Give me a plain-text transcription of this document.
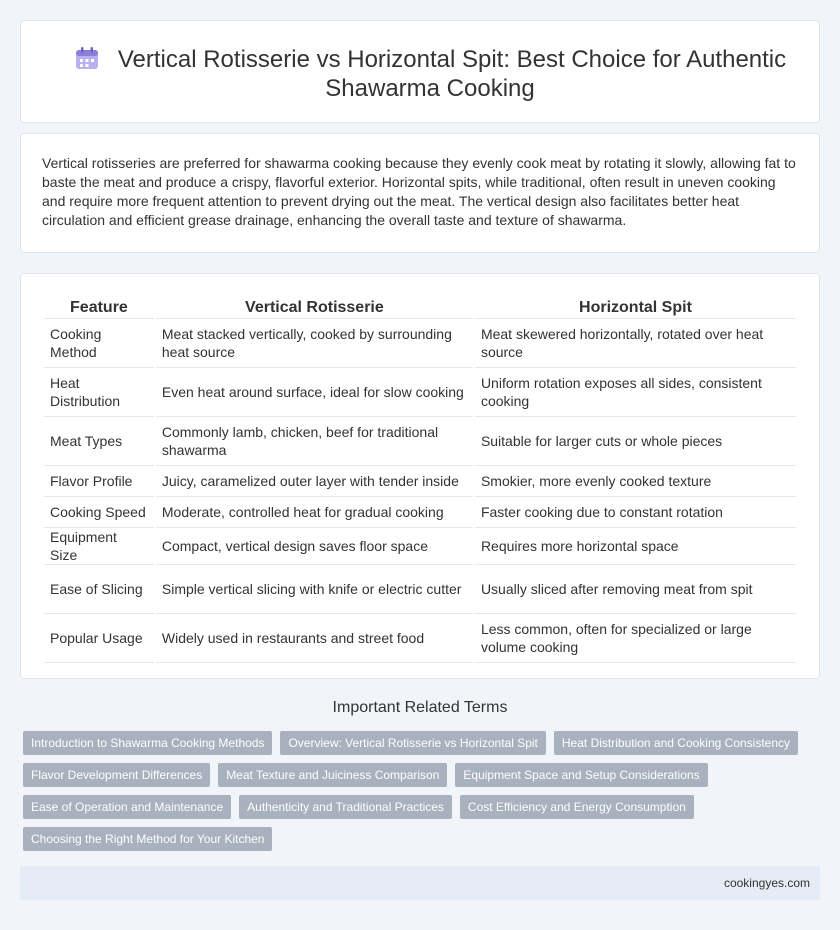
Vertical Rotisserie vs Horizontal Spit: Best Choice for Authentic Shawarma Cooking

Vertical rotisseries are preferred for shawarma cooking because they evenly cook meat by rotating it slowly, allowing fat to baste the meat and produce a crispy, flavorful exterior. Horizontal spits, while traditional, often result in uneven cooking and require more frequent attention to prevent drying out the meat. The vertical design also facilitates better heat circulation and efficient grease drainage, enhancing the overall taste and texture of shawarma.

Feature	Vertical Rotisserie	Horizontal Spit
Cooking Method	Meat stacked vertically, cooked by surrounding heat source	Meat skewered horizontally, rotated over heat source
Heat Distribution	Even heat around surface, ideal for slow cooking	Uniform rotation exposes all sides, consistent cooking
Meat Types	Commonly lamb, chicken, beef for traditional shawarma	Suitable for larger cuts or whole pieces
Flavor Profile	Juicy, caramelized outer layer with tender inside	Smokier, more evenly cooked texture
Cooking Speed	Moderate, controlled heat for gradual cooking	Faster cooking due to constant rotation
Equipment Size	Compact, vertical design saves floor space	Requires more horizontal space
Ease of Slicing	Simple vertical slicing with knife or electric cutter	Usually sliced after removing meat from spit
Popular Usage	Widely used in restaurants and street food	Less common, often for specialized or large volume cooking
Important Related Terms
Introduction to Shawarma Cooking Methods	Overview: Vertical Rotisserie vs Horizontal Spit	Heat Distribution and Cooking Consistency
Flavor Development Differences	Meat Texture and Juiciness Comparison	Equipment Space and Setup Considerations
Ease of Operation and Maintenance	Authenticity and Traditional Practices	Cost Efficiency and Energy Consumption
Choosing the Right Method for Your Kitchen
cookingyes.com
